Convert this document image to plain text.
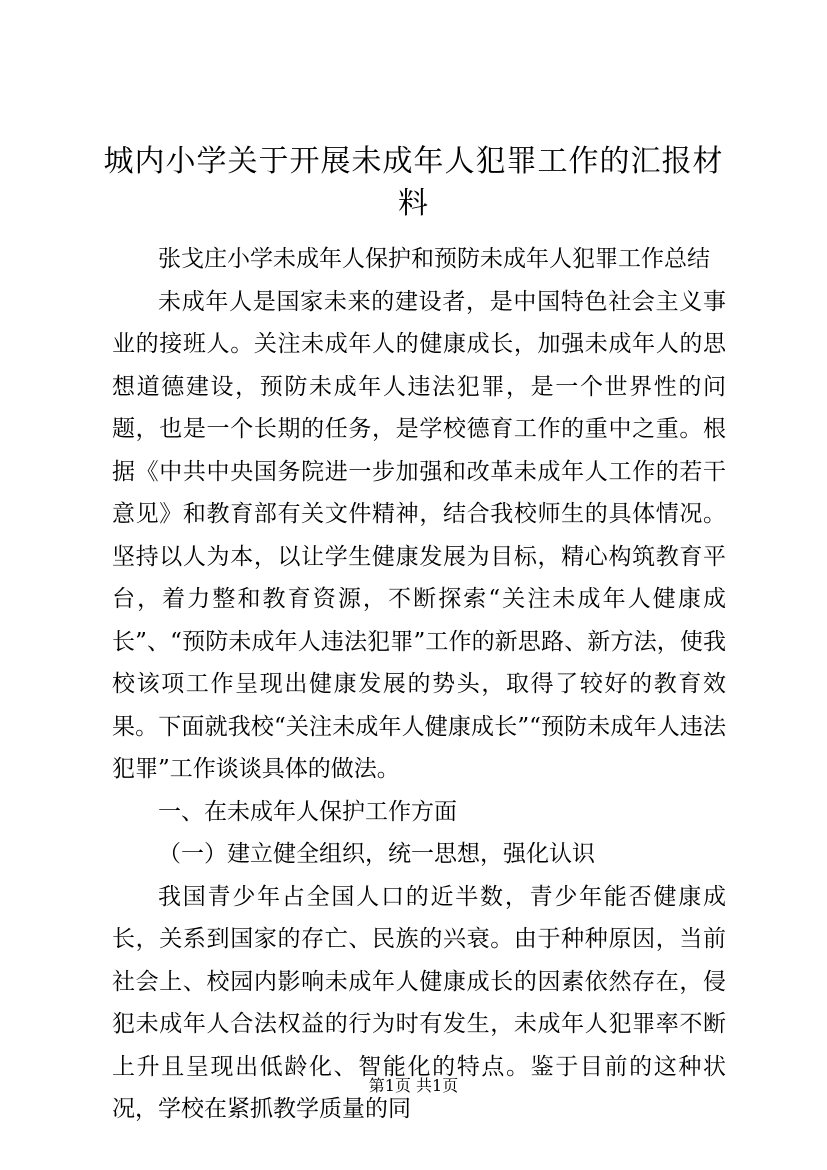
城内小学关于开展未成年人犯罪工作的汇报材料

张戈庄小学未成年人保护和预防未成年人犯罪工作总结

未成年人是国家未来的建设者，是中国特色社会主义事业的接班人。关注未成年人的健康成长，加强未成年人的思想道德建设，预防未成年人违法犯罪，是一个世界性的问题，也是一个长期的任务，是学校德育工作的重中之重。根据《中共中央国务院进一步加强和改革未成年人工作的若干意见》和教育部有关文件精神，结合我校师生的具体情况。坚持以人为本，以让学生健康发展为目标，精心构筑教育平台，着力整和教育资源，不断探索“关注未成年人健康成长”、“预防未成年人违法犯罪”工作的新思路、新方法，使我校该项工作呈现出健康发展的势头，取得了较好的教育效果。下面就我校“关注未成年人健康成长”“预防未成年人违法犯罪”工作谈谈具体的做法。

一、在未成年人保护工作方面

（一）建立健全组织，统一思想，强化认识

我国青少年占全国人口的近半数，青少年能否健康成长，关系到国家的存亡、民族的兴衰。由于种种原因，当前社会上、校园内影响未成年人健康成长的因素依然存在，侵犯未成年人合法权益的行为时有发生，未成年人犯罪率不断上升且呈现出低龄化、智能化的特点。鉴于目前的这种状况，学校在紧抓教学质量的同

第1页 共1页
